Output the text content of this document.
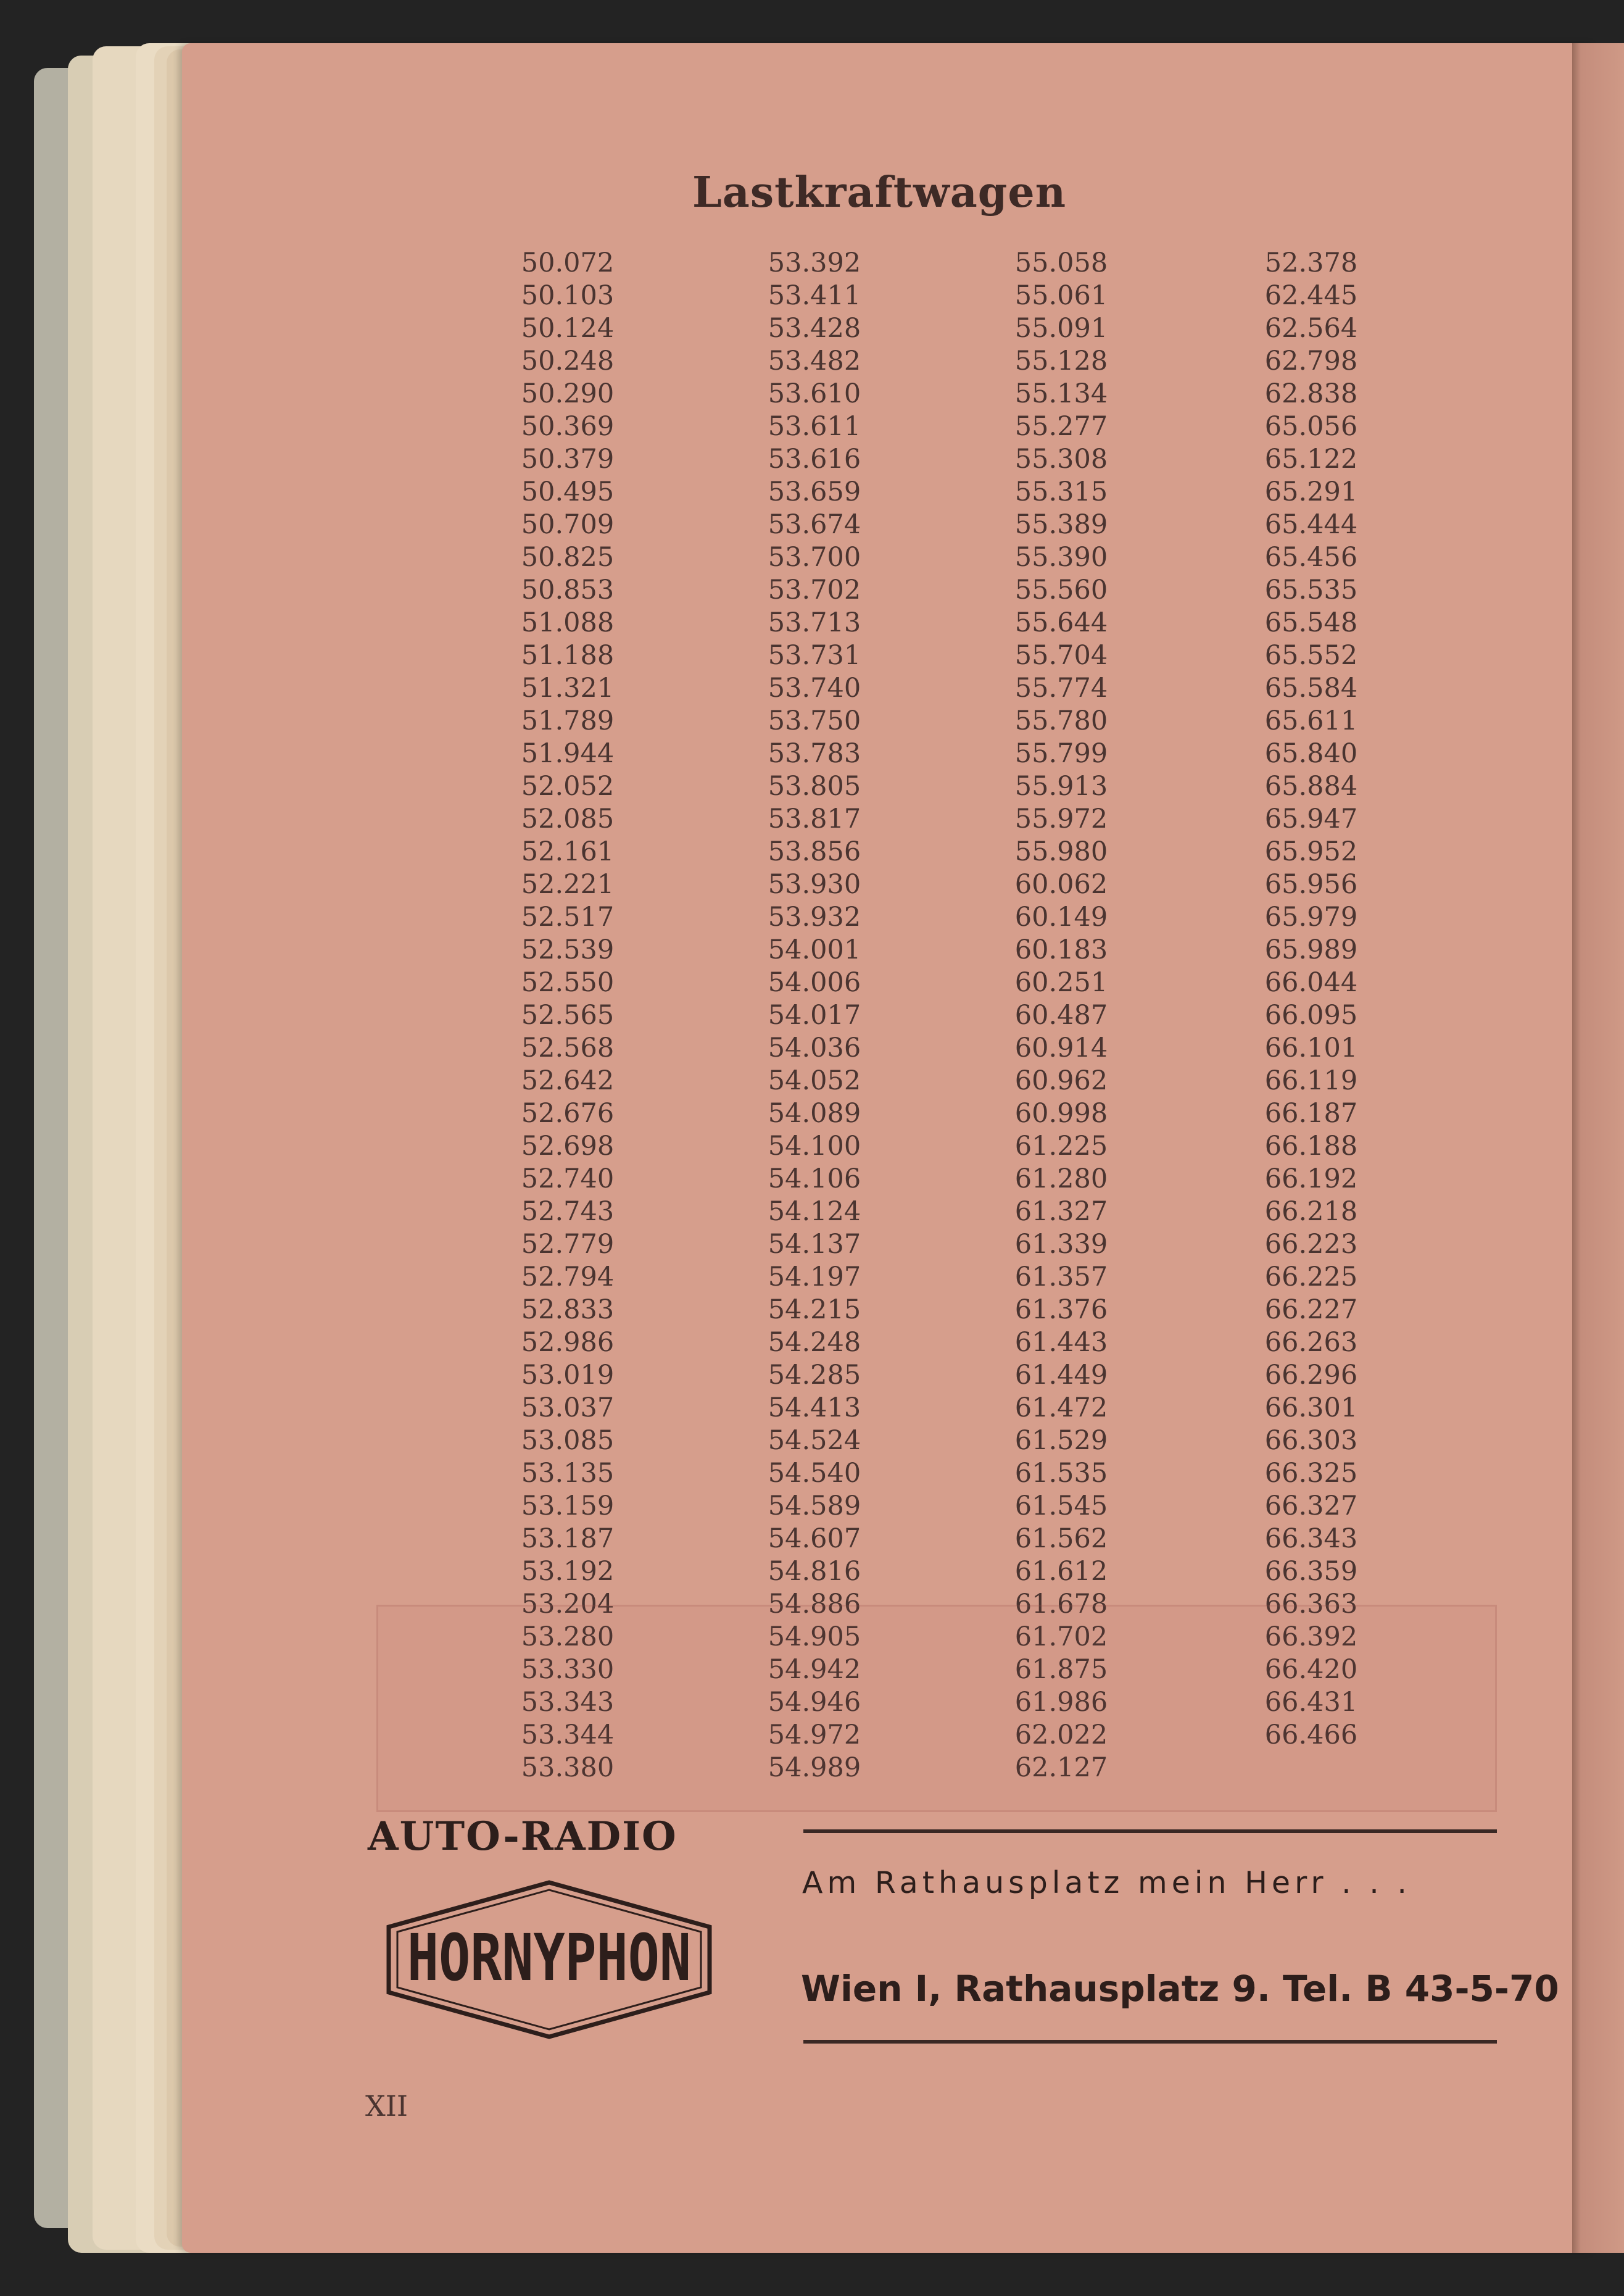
Lastkraftwagen
50.072
50.103
50.124
50.248
50.290
50.369
50.379
50.495
50.709
50.825
50.853
51.088
51.188
51.321
51.789
51.944
52.052
52.085
52.161
52.221
52.517
52.539
52.550
52.565
52.568
52.642
52.676
52.698
52.740
52.743
52.779
52.794
52.833
52.986
53.019
53.037
53.085
53.135
53.159
53.187
53.192
53.204
53.280
53.330
53.343
53.344
53.380
53.392
53.411
53.428
53.482
53.610
53.611
53.616
53.659
53.674
53.700
53.702
53.713
53.731
53.740
53.750
53.783
53.805
53.817
53.856
53.930
53.932
54.001
54.006
54.017
54.036
54.052
54.089
54.100
54.106
54.124
54.137
54.197
54.215
54.248
54.285
54.413
54.524
54.540
54.589
54.607
54.816
54.886
54.905
54.942
54.946
54.972
54.989
55.058
55.061
55.091
55.128
55.134
55.277
55.308
55.315
55.389
55.390
55.560
55.644
55.704
55.774
55.780
55.799
55.913
55.972
55.980
60.062
60.149
60.183
60.251
60.487
60.914
60.962
60.998
61.225
61.280
61.327
61.339
61.357
61.376
61.443
61.449
61.472
61.529
61.535
61.545
61.562
61.612
61.678
61.702
61.875
61.986
62.022
62.127
52.378
62.445
62.564
62.798
62.838
65.056
65.122
65.291
65.444
65.456
65.535
65.548
65.552
65.584
65.611
65.840
65.884
65.947
65.952
65.956
65.979
65.989
66.044
66.095
66.101
66.119
66.187
66.188
66.192
66.218
66.223
66.225
66.227
66.263
66.296
66.301
66.303
66.325
66.327
66.343
66.359
66.363
66.392
66.420
66.431
66.466
AUTO-RADIO
HORNYPHON
Am Rathausplatz mein Herr . . .
Wien I, Rathausplatz 9. Tel. B 43-5-70
XII
